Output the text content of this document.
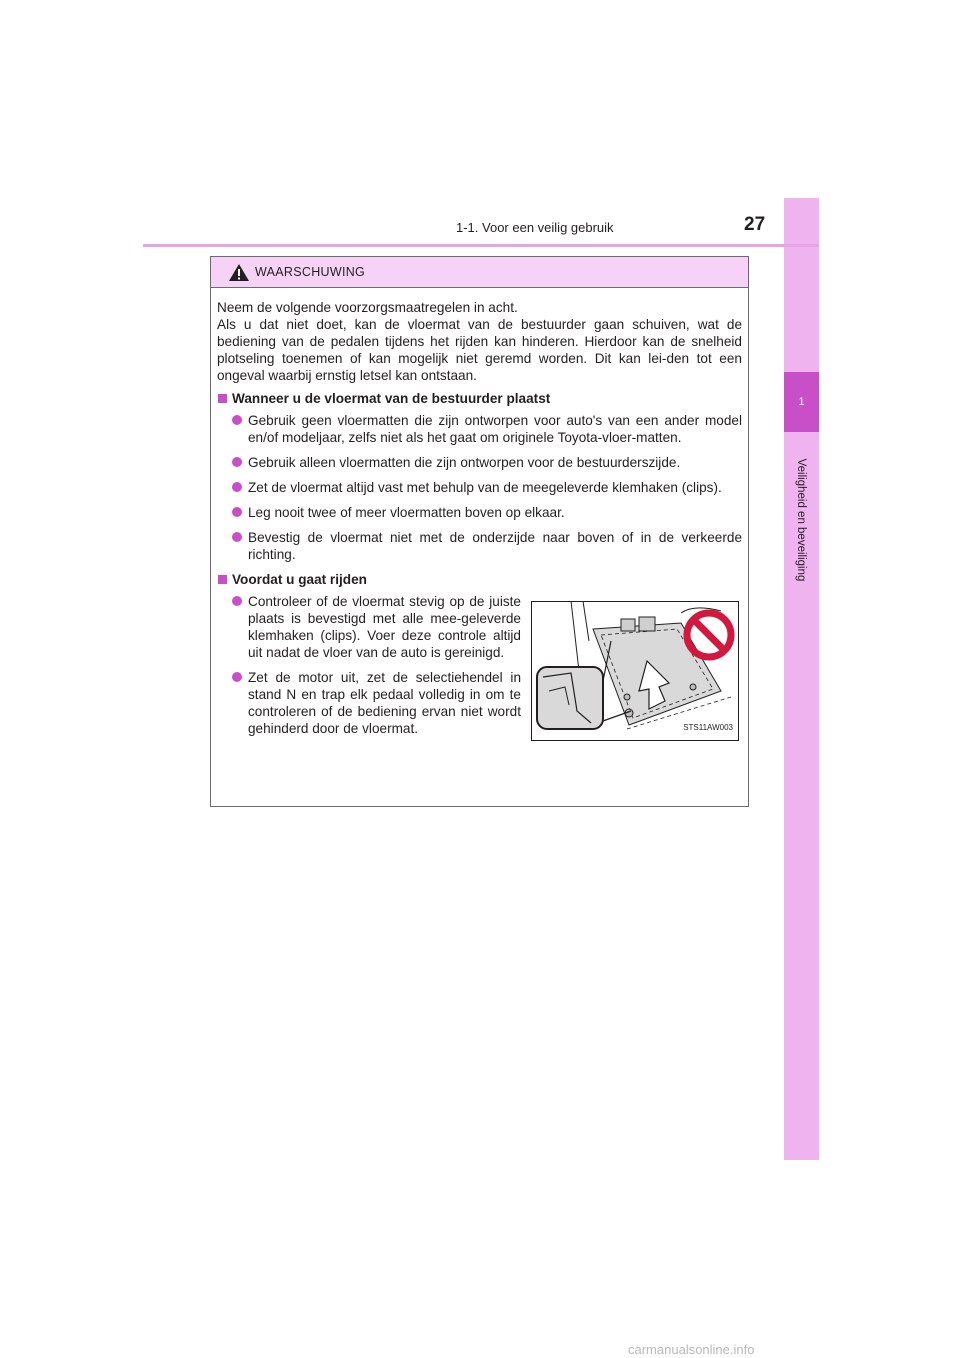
1
Veiligheid en beveiliging
1-1. Voor een veilig gebruik	27
WAARSCHUWING

Neem de volgende voorzorgsmaatregelen in acht.

Als u dat niet doet, kan de vloermat van de bestuurder gaan schuiven, wat de bediening van de pedalen tijdens het rijden kan hinderen. Hierdoor kan de snelheid plotseling toenemen of kan mogelijk niet geremd worden. Dit kan lei-den tot een ongeval waarbij ernstig letsel kan ontstaan.

Wanneer u de vloermat van de bestuurder plaatst
Gebruik geen vloermatten die zijn ontworpen voor auto's van een ander model en/of modeljaar, zelfs niet als het gaat om originele Toyota-vloer-matten.
Gebruik alleen vloermatten die zijn ontworpen voor de bestuurderszijde.
Zet de vloermat altijd vast met behulp van de meegeleverde klemhaken (clips).
Leg nooit twee of meer vloermatten boven op elkaar.
Bevestig de vloermat niet met de onderzijde naar boven of in de verkeerde richting.
Voordat u gaat rijden
Controleer of de vloermat stevig op de juiste plaats is bevestigd met alle mee-geleverde klemhaken (clips). Voer deze controle altijd uit nadat de vloer van de auto is gereinigd.
Zet de motor uit, zet de selectiehendel in stand N en trap elk pedaal volledig in om te controleren of de bediening ervan niet wordt gehinderd door de vloermat.	STS11AW003
carmanualsonline.info
